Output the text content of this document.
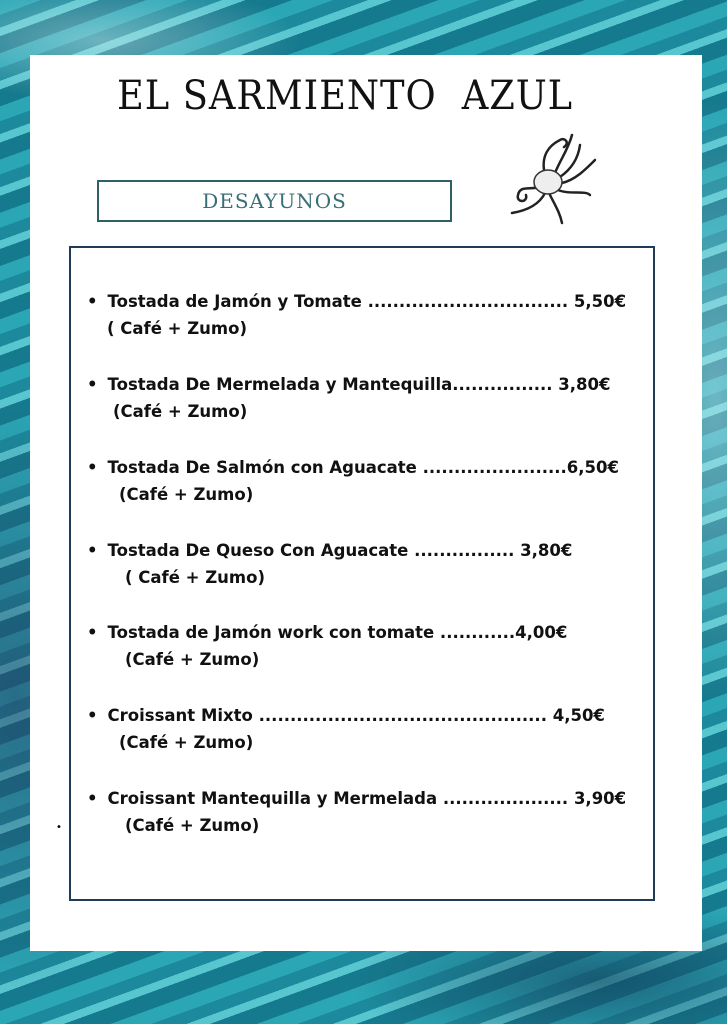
EL SARMIENTO  AZUL
DESAYUNOS
• Tostada de Jamón y Tomate ................................ 5,50€
( Café + Zumo)
• Tostada De Mermelada y Mantequilla................ 3,80€
(Café + Zumo)
• Tostada De Salmón con Aguacate .......................6,50€
(Café + Zumo)
• Tostada De Queso Con Aguacate ................ 3,80€
( Café + Zumo)
• Tostada de Jamón work con tomate ............4,00€
(Café + Zumo)
• Croissant Mixto .............................................. 4,50€
(Café + Zumo)
• Croissant Mantequilla y Mermelada .................... 3,90€
(Café + Zumo)
•
